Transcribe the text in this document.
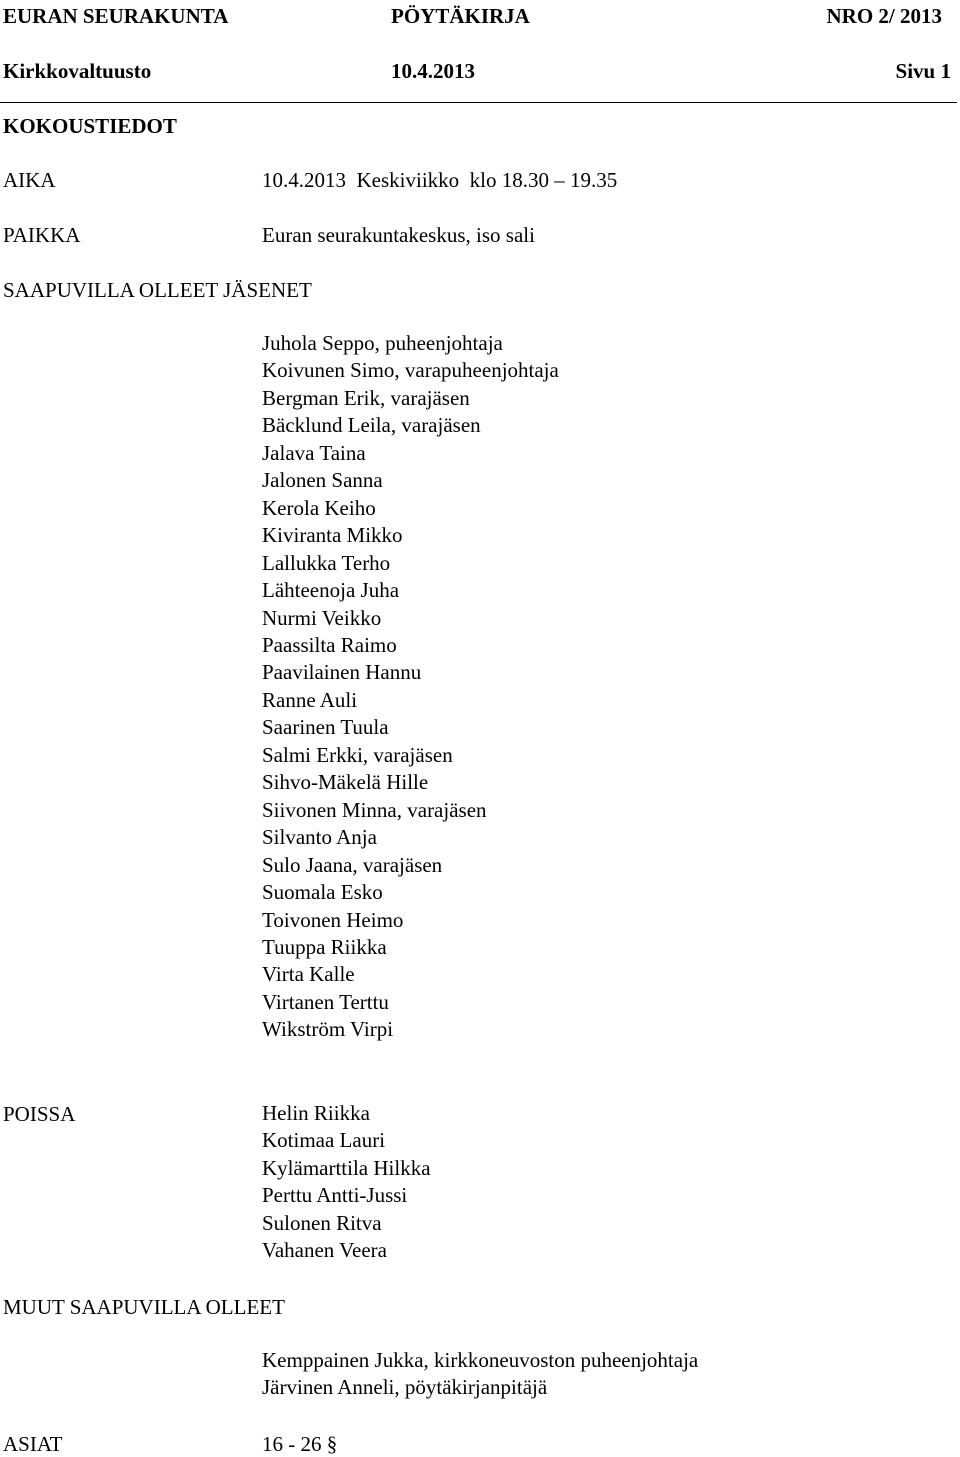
EURAN SEURAKUNTA	PÖYTÄKIRJA	NRO 2/ 2013
Kirkkovaltuusto	10.4.2013	Sivu 1
KOKOUSTIEDOT
AIKA	10.4.2013  Keskiviikko  klo 18.30 – 19.35
PAIKKA	Euran seurakuntakeskus, iso sali
SAAPUVILLA OLLEET JÄSENET
Juhola Seppo, puheenjohtaja
Koivunen Simo, varapuheenjohtaja
Bergman Erik, varajäsen
Bäcklund Leila, varajäsen
Jalava Taina
Jalonen Sanna
Kerola Keiho
Kiviranta Mikko
Lallukka Terho
Lähteenoja Juha
Nurmi Veikko
Paassilta Raimo
Paavilainen Hannu
Ranne Auli
Saarinen Tuula
Salmi Erkki, varajäsen
Sihvo-Mäkelä Hille
Siivonen Minna, varajäsen
Silvanto Anja
Sulo Jaana, varajäsen
Suomala Esko
Toivonen Heimo
Tuuppa Riikka
Virta Kalle
Virtanen Terttu
Wikström Virpi
POISSA	Helin Riikka
Kotimaa Lauri
Kylämarttila Hilkka
Perttu Antti-Jussi
Sulonen Ritva
Vahanen Veera
MUUT SAAPUVILLA OLLEET
Kemppainen Jukka, kirkkoneuvoston puheenjohtaja
Järvinen Anneli, pöytäkirjanpitäjä
ASIAT	16 - 26 §
